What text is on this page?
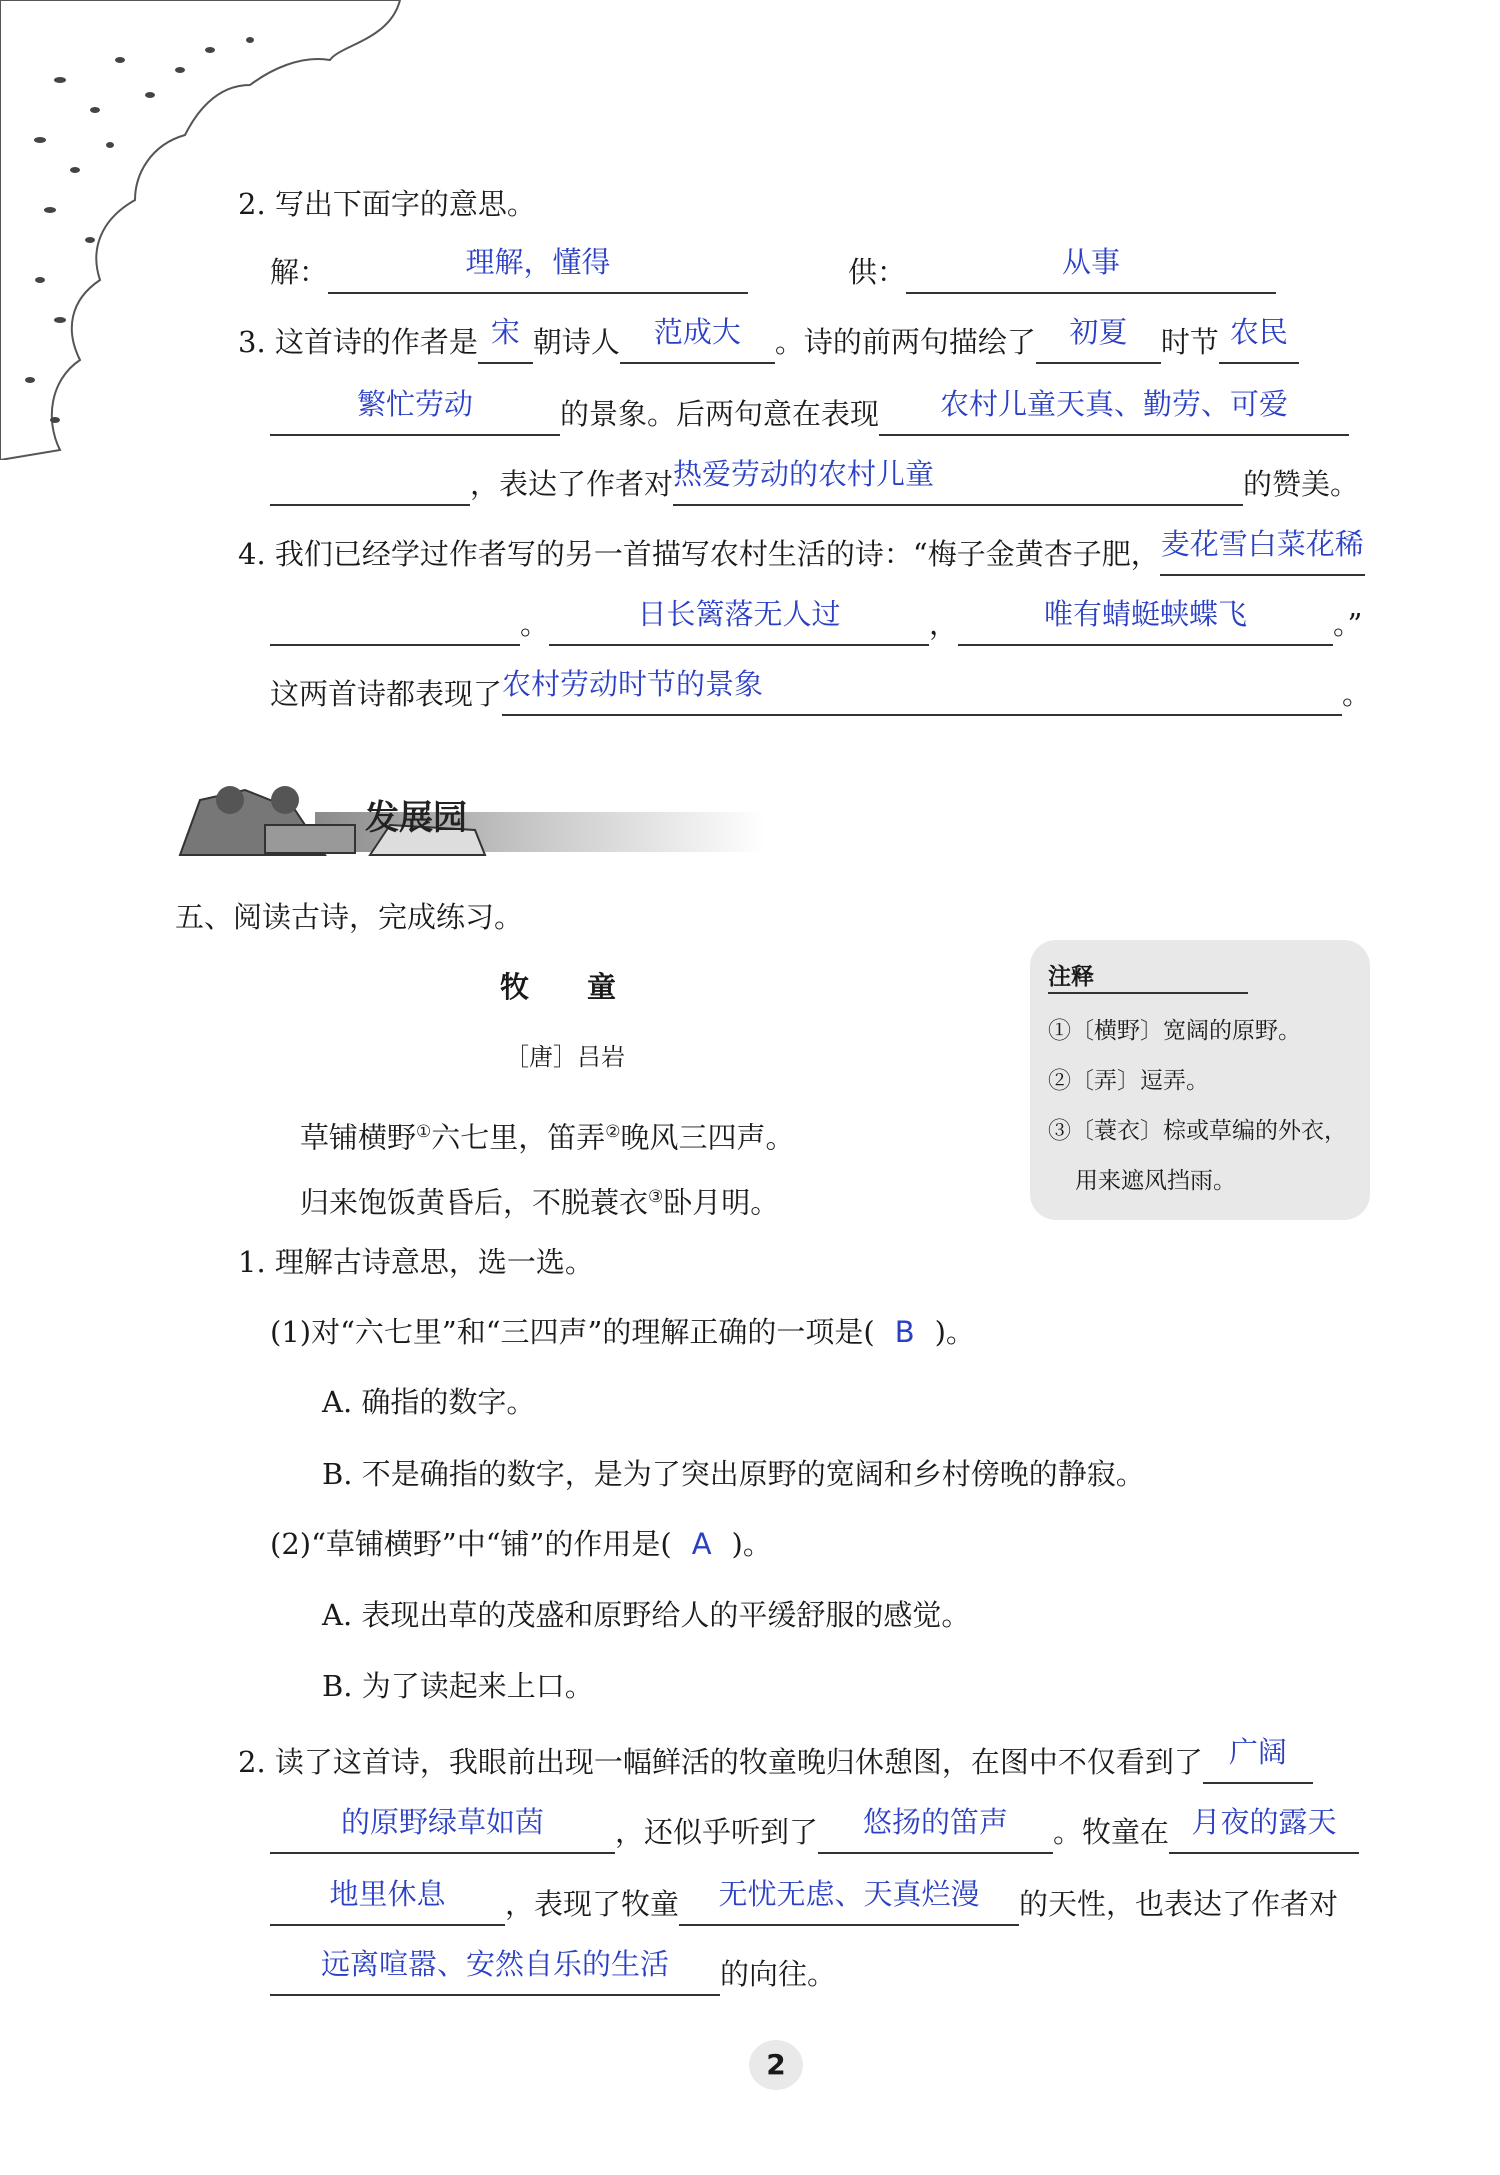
2. 写出下面字的意思。
解：	理解，懂得	供：	从事
3. 这首诗的作者是 宋 朝诗人	范成大	。诗的前两句描绘了	初夏	时节 农民
繁忙劳动	的景象。后两句意在表现	农村儿童天真、勤劳、可爱
，表达了作者对 热爱劳动的农村儿童	的赞美。
4. 我们已经学过作者写的另一首描写农村生活的诗：“梅子金黄杏子肥， 麦花雪白菜花稀
。	日长篱落无人过	，	唯有蜻蜓蛱蝶飞	。”
这两首诗都表现了 农村劳动时节的景象	。
发展园
五、阅读古诗，完成练习。
牧　　童
［唐］吕岩
草铺横野①六七里，笛弄②晚风三四声。
归来饱饭黄昏后，不脱蓑衣③卧月明。
注释
①〔横野〕宽阔的原野。
②〔弄〕逗弄。
③〔蓑衣〕棕或草编的外衣，
用来遮风挡雨。
1. 理解古诗意思，选一选。
(1)对“六七里”和“三四声”的理解正确的一项是( B )。
A. 确指的数字。
B. 不是确指的数字，是为了突出原野的宽阔和乡村傍晚的静寂。
(2)“草铺横野”中“铺”的作用是( A )。
A. 表现出草的茂盛和原野给人的平缓舒服的感觉。
B. 为了读起来上口。
2. 读了这首诗，我眼前出现一幅鲜活的牧童晚归休憩图，在图中不仅看到了 广阔
的原野绿草如茵	，还似乎听到了	悠扬的笛声	。牧童在 月夜的露天
地里休息	，表现了牧童	无忧无虑、天真烂漫	的天性，也表达了作者对
远离喧嚣、安然自乐的生活	的向往。
2
